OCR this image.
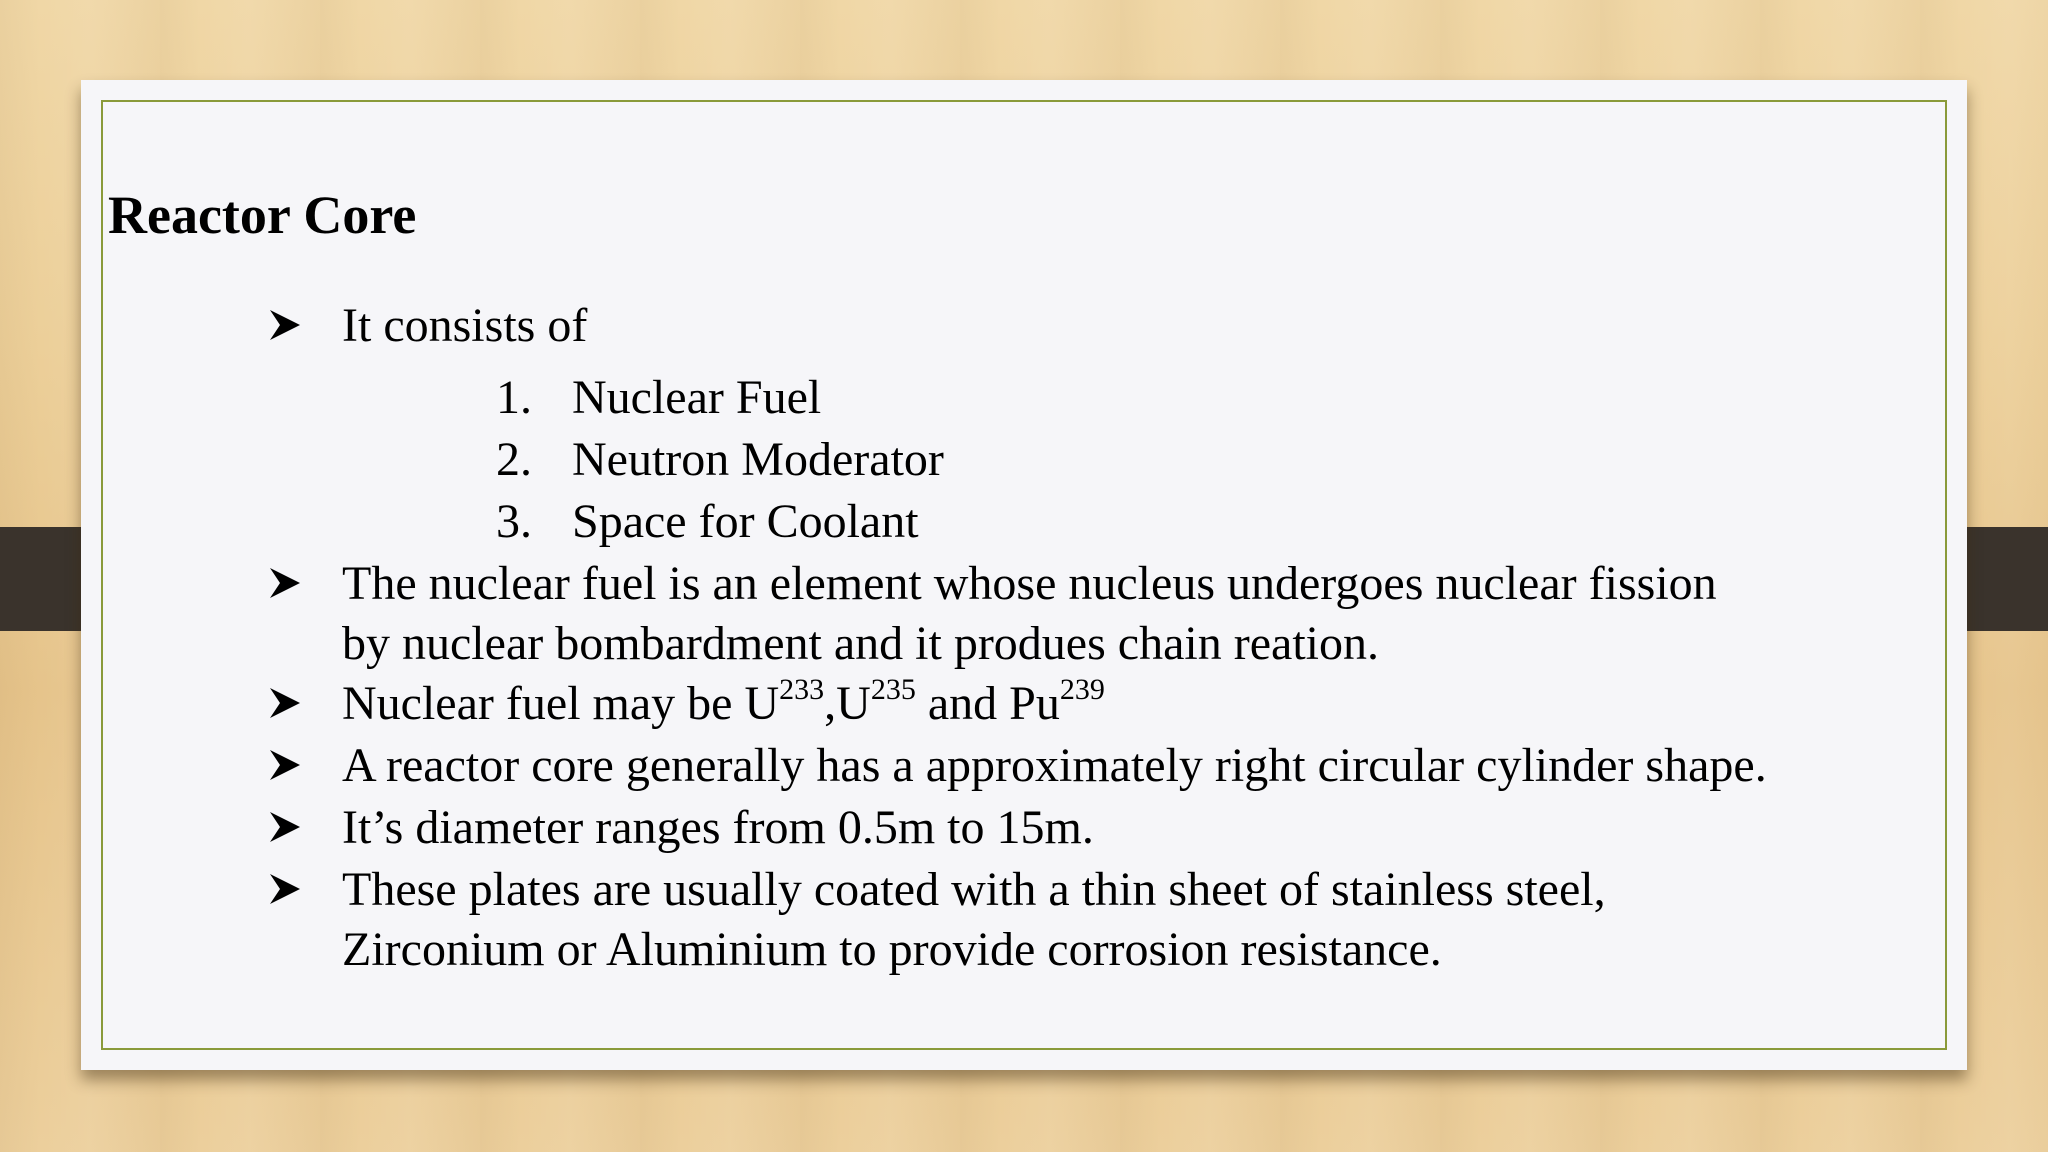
Reactor Core
It consists of
1. Nuclear Fuel
2. Neutron Moderator
3. Space for Coolant
The nuclear fuel is an element whose nucleus undergoes nuclear fission
by nuclear bombardment and it produes chain reation.
Nuclear fuel may be $U^{233},U^{235}$ and Pu$^{239}$
A reactor core generally has a approximately right circular cylinder shape.
It’s diameter ranges from 0.5m to 15m.
These plates are usually coated with a thin sheet of stainless steel,
Zirconium or Aluminium to provide corrosion resistance.
